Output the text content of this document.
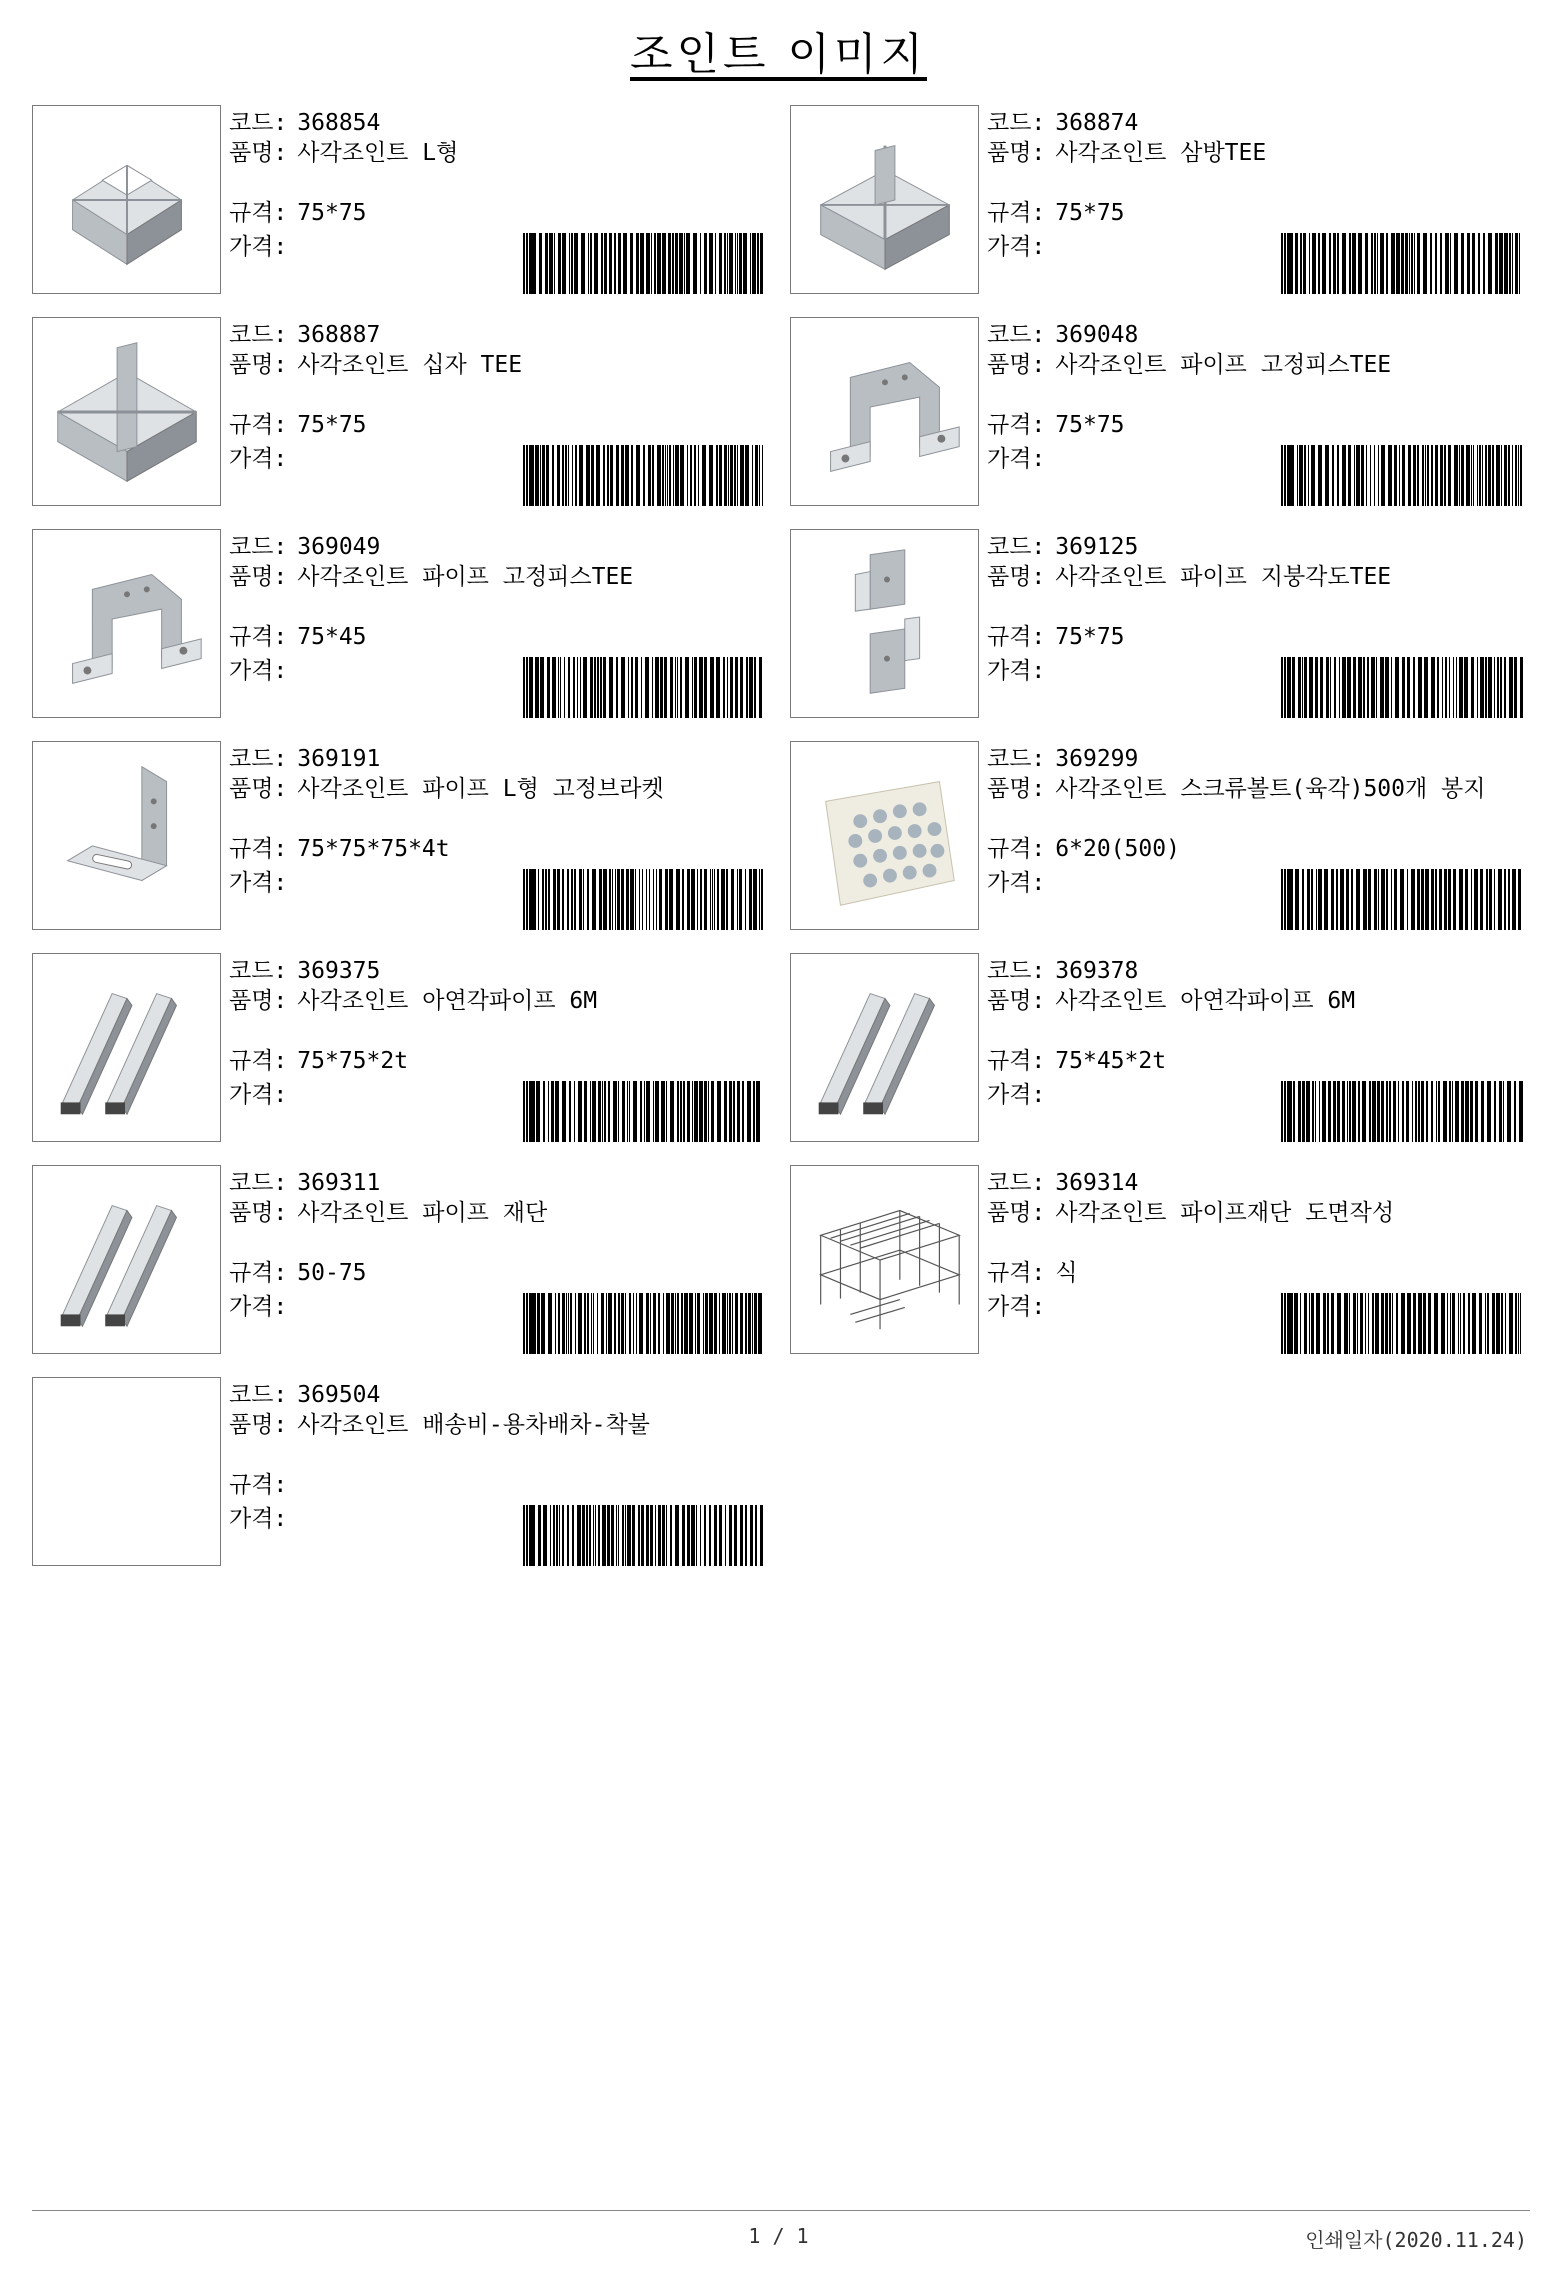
조인트 이미지
코드: 368854
품명: 사각조인트 L형
규격: 75*75
가격:
코드: 368874
품명: 사각조인트 삼방TEE
규격: 75*75
가격:
코드: 368887
품명: 사각조인트 십자 TEE
규격: 75*75
가격:
코드: 369048
품명: 사각조인트 파이프 고정피스TEE
규격: 75*75
가격:
코드: 369049
품명: 사각조인트 파이프 고정피스TEE
규격: 75*45
가격:
코드: 369125
품명: 사각조인트 파이프 지붕각도TEE
규격: 75*75
가격:
코드: 369191
품명: 사각조인트 파이프 L형 고정브라켓
규격: 75*75*75*4t
가격:
코드: 369299
품명: 사각조인트 스크류볼트(육각)500개 봉지
규격: 6*20(500)
가격:
코드: 369375
품명: 사각조인트 아연각파이프 6M
규격: 75*75*2t
가격:
코드: 369378
품명: 사각조인트 아연각파이프 6M
규격: 75*45*2t
가격:
코드: 369311
품명: 사각조인트 파이프 재단
규격: 50-75
가격:
코드: 369314
품명: 사각조인트 파이프재단 도면작성
규격: 식
가격:
코드: 369504
품명: 사각조인트 배송비-용차배차-착불
규격:
가격:
1 / 1	인쇄일자(2020.11.24)
